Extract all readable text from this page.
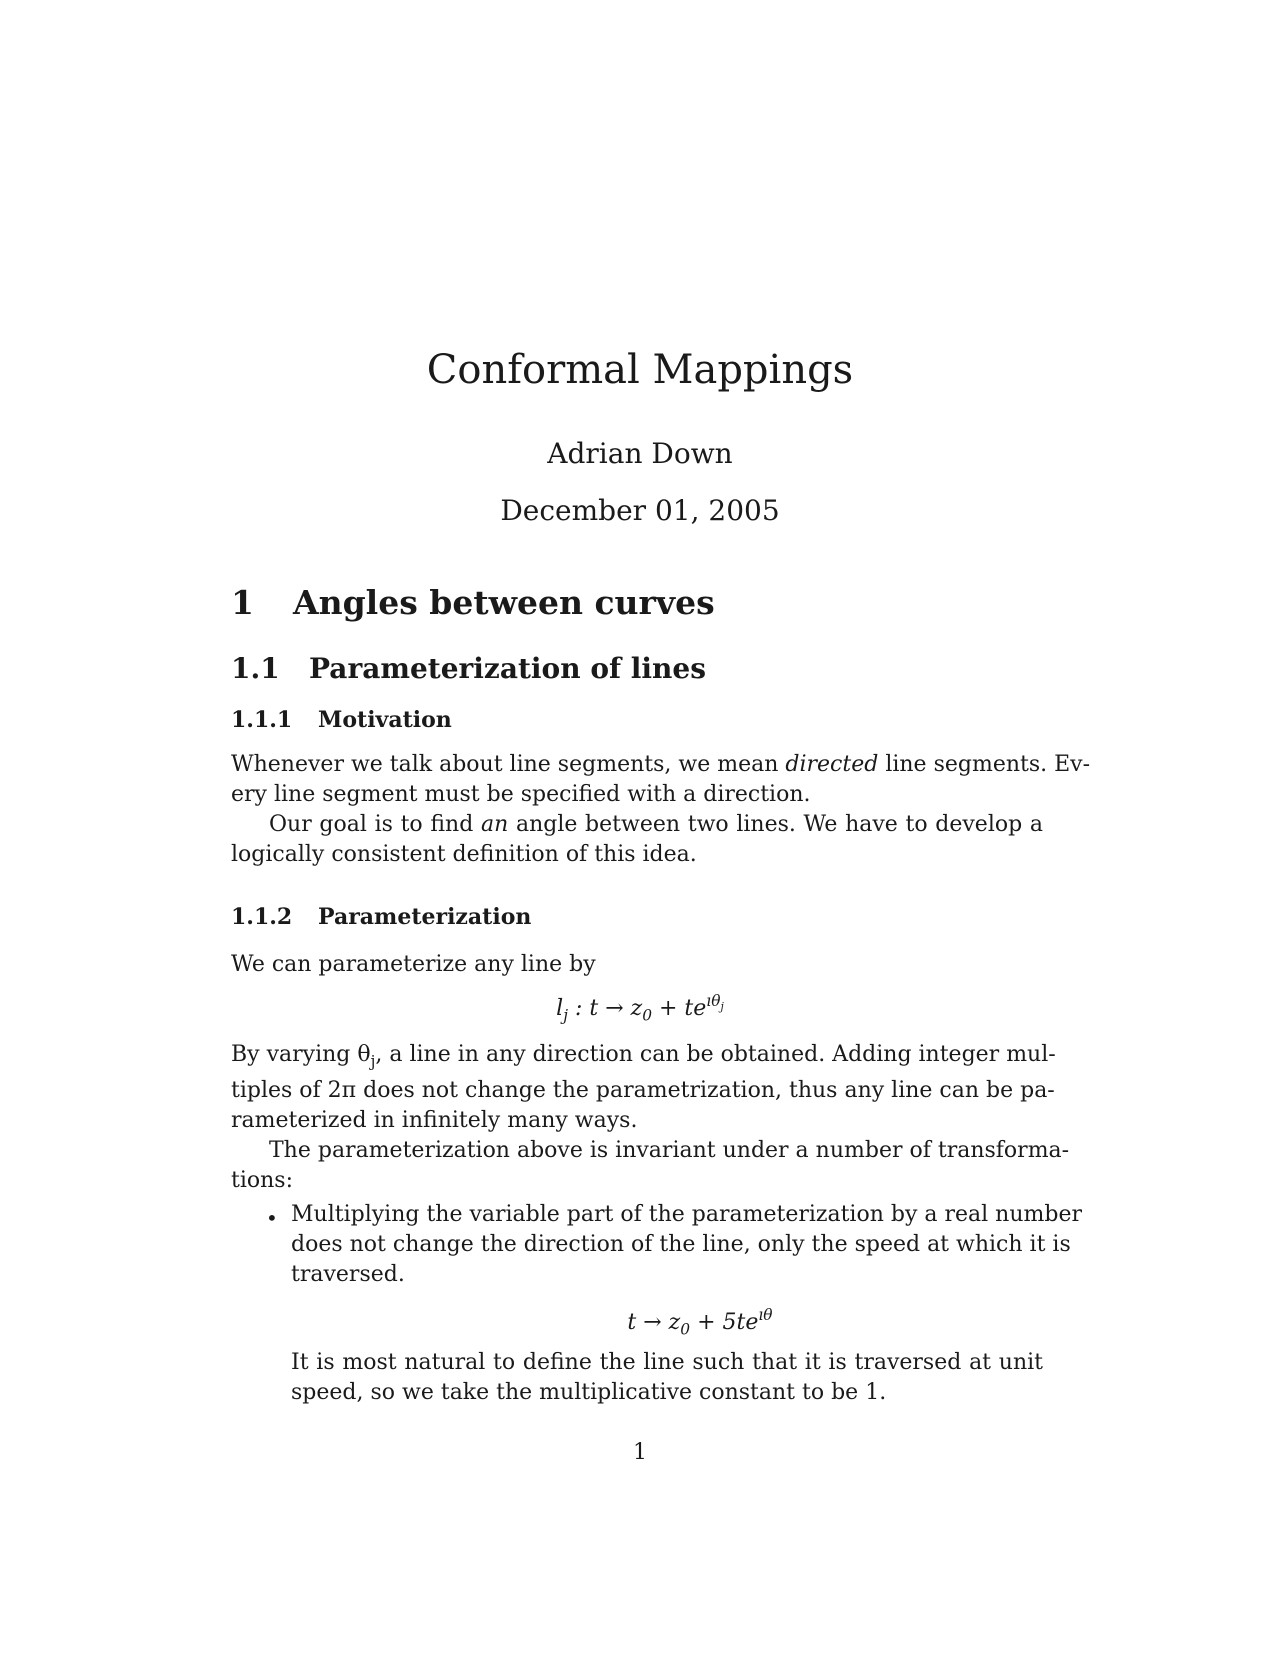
Conformal Mappings
Adrian Down
December 01, 2005
1 Angles between curves
1.1 Parameterization of lines
1.1.1 Motivation
Whenever we talk about line segments, we mean directed line segments. Ev-
ery line segment must be specified with a direction.
Our goal is to find an angle between two lines. We have to develop a
logically consistent definition of this idea.
1.1.2 Parameterization
We can parameterize any line by
$l_j$ : $t \to z_0 + te^{ı\theta_j}$
By varying $\theta_j$, a line in any direction can be obtained. Adding integer mul-
tiples of 2π does not change the parametrization, thus any line can be pa-
rameterized in infinitely many ways.
The parameterization above is invariant under a number of transforma-
tions:
• Multiplying the variable part of the parameterization by a real number
does not change the direction of the line, only the speed at which it is
traversed.
$t \to z_0 + 5te^{ı\theta}$
It is most natural to define the line such that it is traversed at unit
speed, so we take the multiplicative constant to be 1.
1
